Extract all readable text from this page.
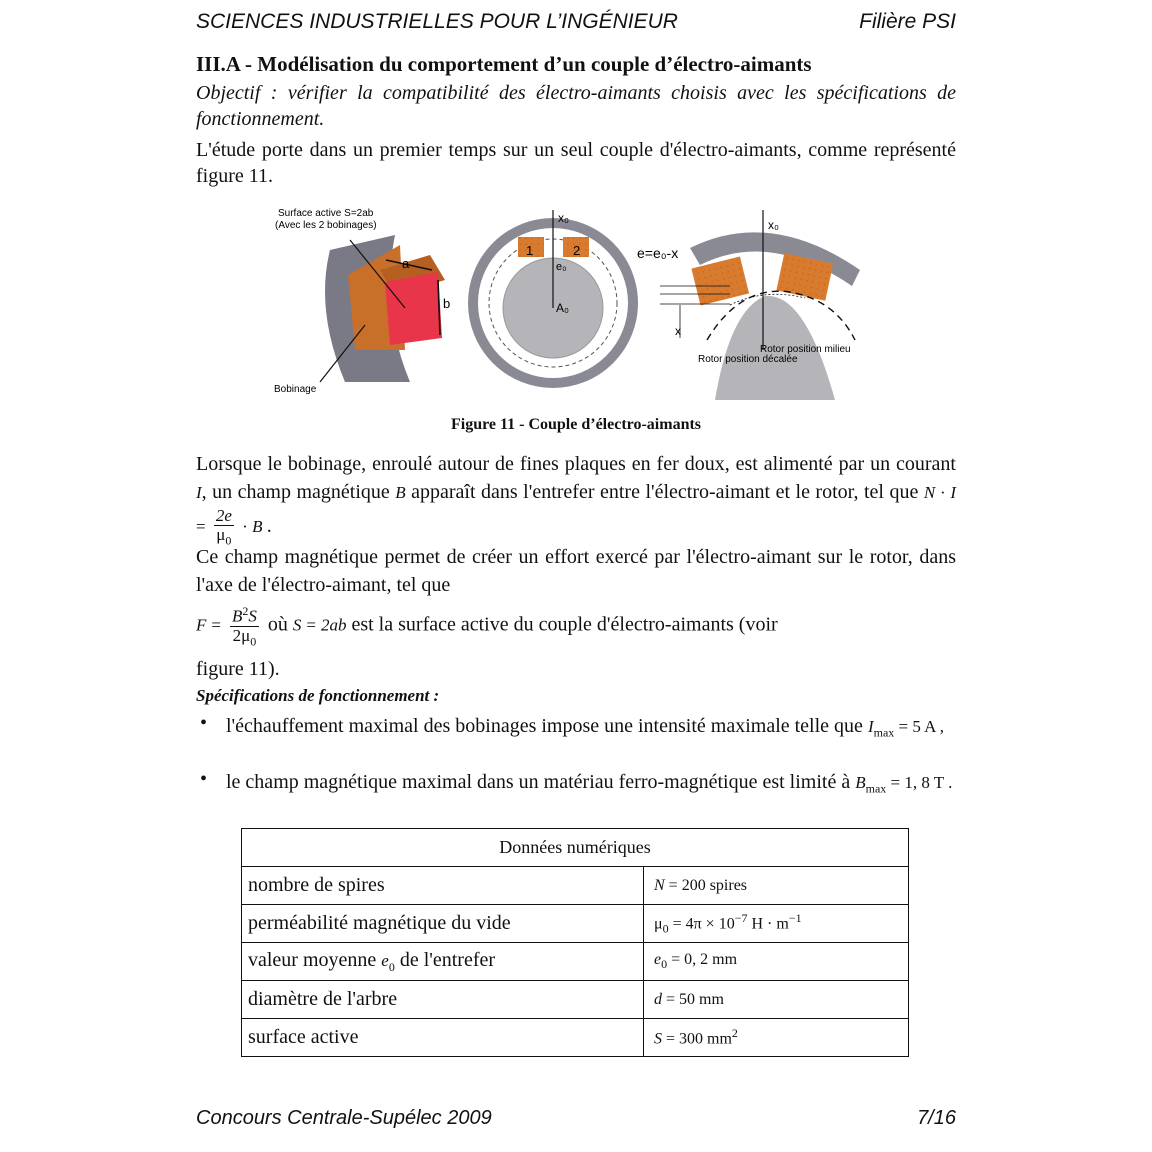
SCIENCES INDUSTRIELLES POUR L’INGÉNIEUR	Filière PSI
III.A - Modélisation du comportement d’un couple d’électro-aimants
Objectif : vérifier la compatibilité des électro-aimants choisis avec les spécifications de fonctionnement.
L'étude porte dans un premier temps sur un seul couple d'électro-aimants, comme représenté figure 11.
Surface active S=2ab
(Avec les 2 bobinages)
a
b
Bobinage
x₀
1	2
e₀
A₀
x₀
e=e₀-x
x
Rotor position milieu
Rotor position décalée
Figure 11 - Couple d’électro-aimants
Lorsque le bobinage, enroulé autour de fines plaques en fer doux, est alimenté par un courant I, un champ magnétique B apparaît dans l'entrefer entre l'électro-aimant et le rotor, tel que $N \cdot I = \frac{2e}{\mu_0} \cdot B$ .
Ce champ magnétique permet de créer un effort exercé par l'électro-aimant sur le rotor, dans l'axe de l'électro-aimant, tel que
$F = \frac{B^2S}{2\mu_0}$ où S = 2ab est la surface active du couple d'électro-aimants (voir
figure 11).
Spécifications de fonctionnement :
• l'échauffement maximal des bobinages impose une intensité maximale telle que $I_{max} = 5$ A ,
• le champ magnétique maximal dans un matériau ferro-magnétique est limité à $B_{max} = 1$, 8 T .
Données numériques	
nombre de spires	N = 200 spires
perméabilité magnétique du vide	$\mu_0 = 4\pi \times 10^{-7}$ $H \cdot m^{-1}$
valeur moyenne $e_0$ de l'entrefer	$e_0 = 0$, 2 mm
diamètre de l'arbre	d = 50 mm
surface active	S = 300 $mm^2$
Concours Centrale-Supélec 2009	7/16
